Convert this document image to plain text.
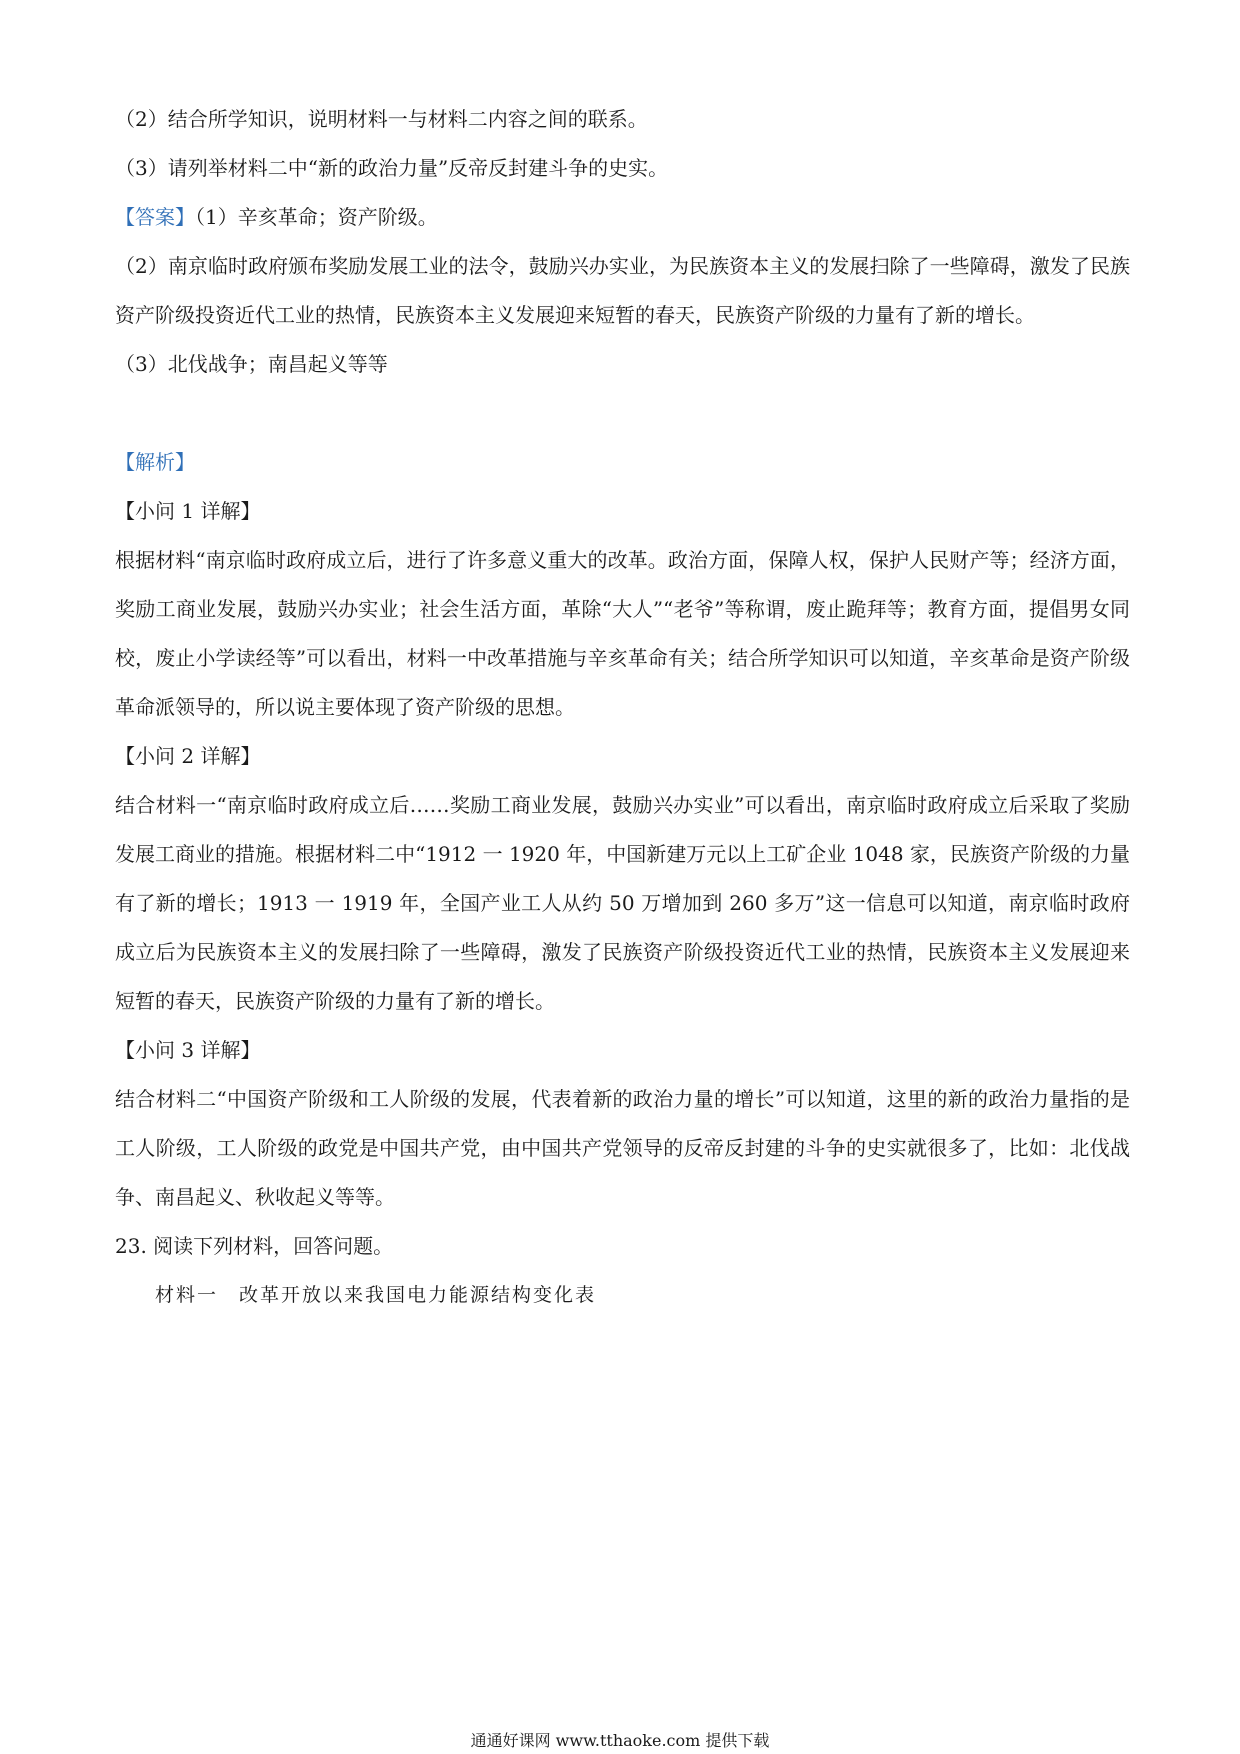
（2）结合所学知识，说明材料一与材料二内容之间的联系。

（3）请列举材料二中“新的政治力量”反帝反封建斗争的史实。

【答案】（1）辛亥革命；资产阶级。

（2）南京临时政府颁布奖励发展工业的法令，鼓励兴办实业，为民族资本主义的发展扫除了一些障碍，激发了民族资产阶级投资近代工业的热情，民族资本主义发展迎来短暂的春天，民族资产阶级的力量有了新的增长。

（3）北伐战争；南昌起义等等

【解析】

【小问 1 详解】

根据材料“南京临时政府成立后，进行了许多意义重大的改革。政治方面，保障人权，保护人民财产等；经济方面，奖励工商业发展，鼓励兴办实业；社会生活方面，革除“大人”“老爷”等称谓，废止跪拜等；教育方面，提倡男女同校，废止小学读经等”可以看出，材料一中改革措施与辛亥革命有关；结合所学知识可以知道，辛亥革命是资产阶级革命派领导的，所以说主要体现了资产阶级的思想。

【小问 2 详解】

结合材料一“南京临时政府成立后……奖励工商业发展，鼓励兴办实业”可以看出，南京临时政府成立后采取了奖励发展工商业的措施。根据材料二中“1912 一 1920 年，中国新建万元以上工矿企业 1048 家，民族资产阶级的力量有了新的增长；1913 一 1919 年，全国产业工人从约 50 万增加到 260 多万”这一信息可以知道，南京临时政府成立后为民族资本主义的发展扫除了一些障碍，激发了民族资产阶级投资近代工业的热情，民族资本主义发展迎来短暂的春天，民族资产阶级的力量有了新的增长。

【小问 3 详解】

结合材料二“中国资产阶级和工人阶级的发展，代表着新的政治力量的增长”可以知道，这里的新的政治力量指的是工人阶级，工人阶级的政党是中国共产党，由中国共产党领导的反帝反封建的斗争的史实就很多了，比如：北伐战争、南昌起义、秋收起义等等。

23. 阅读下列材料，回答问题。

材料一　改革开放以来我国电力能源结构变化表

通通好课网 www.tthaoke.com 提供下载
